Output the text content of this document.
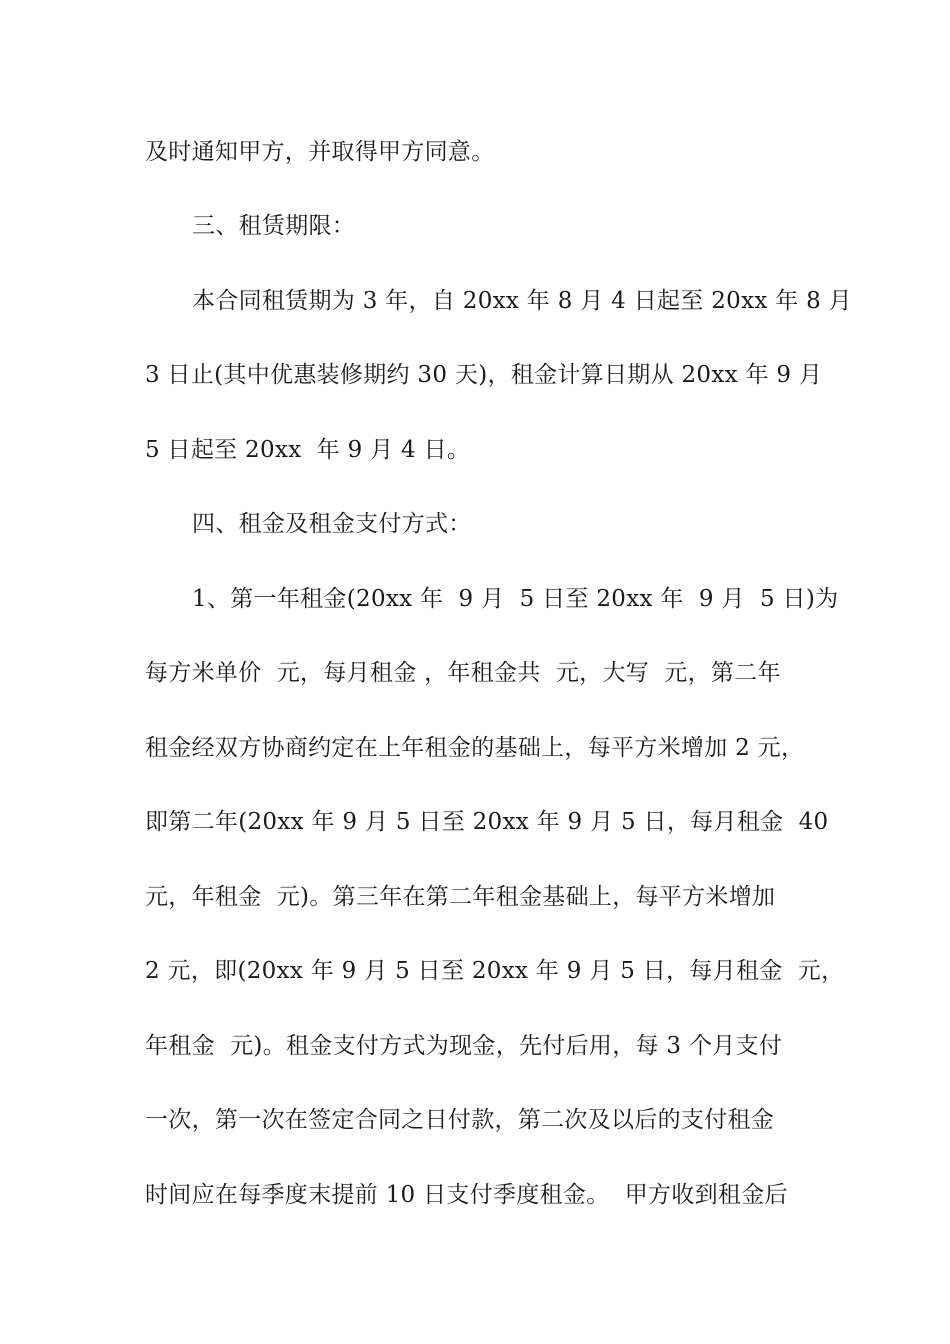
及时通知甲方，并取得甲方同意。
三、租赁期限：
本合同租赁期为 3 年，自 20xx 年 8 月 4 日起至 20xx 年 8 月
3 日止(其中优惠装修期约 30 天)，租金计算日期从 20xx 年 9 月
5 日起至 20xx  年 9 月 4 日。
四、租金及租金支付方式：
1、第一年租金(20xx 年  9 月  5 日至 20xx 年  9 月  5 日)为
每方米单价  元，每月租金 ，年租金共  元，大写  元，第二年
租金经双方协商约定在上年租金的基础上，每平方米增加 2 元，
即第二年(20xx 年 9 月 5 日至 20xx 年 9 月 5 日，每月租金  40
元，年租金  元)。第三年在第二年租金基础上，每平方米增加
2 元，即(20xx 年 9 月 5 日至 20xx 年 9 月 5 日，每月租金  元，
年租金  元)。租金支付方式为现金，先付后用，每 3 个月支付
一次，第一次在签定合同之日付款，第二次及以后的支付租金
时间应在每季度末提前 10 日支付季度租金。  甲方收到租金后
